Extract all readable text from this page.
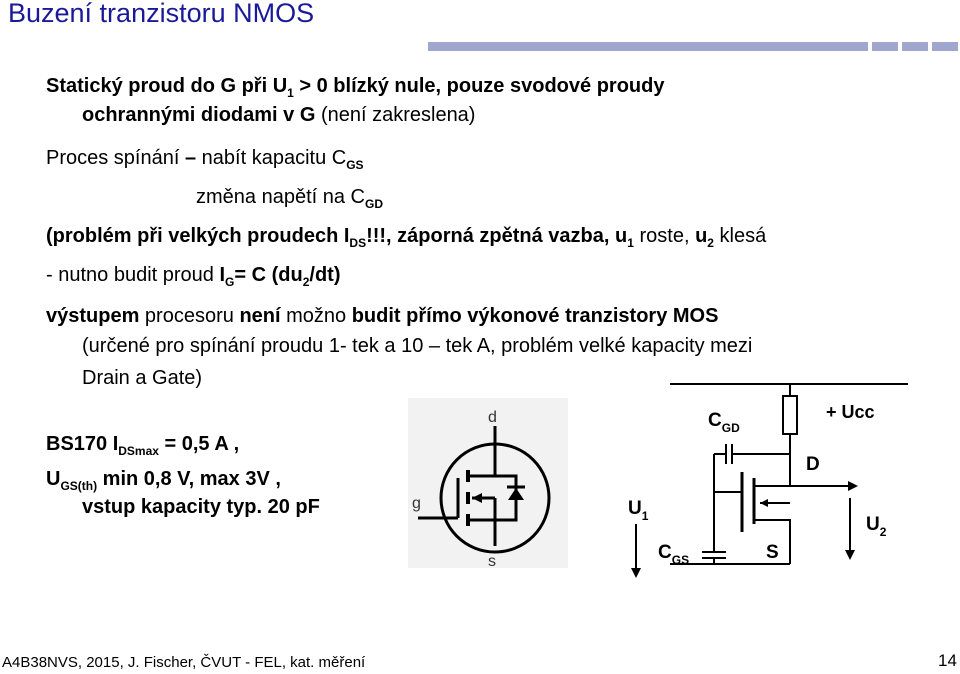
Buzení tranzistoru NMOS
Statický proud do G při $U_1 > 0$ blízký nule, pouze svodové proudy
ochrannými diodami v G (není zakreslena)
Proces spínání – nabít kapacitu $C_{GS}$
změna napětí na $C_{GD}$
(problém při velkých proudech $I_{DS}$!!!, záporná zpětná vazba, $u_1$ roste, $u_2$ klesá
- nutno budit proud $I_G= C$ $(du_2/dt)$
výstupem procesoru není možno budit přímo výkonové tranzistory MOS
(určené pro spínání proudu 1- tek a 10 – tek A, problém velké kapacity mezi
Drain a Gate)
BS170 $I_{DSmax} = 0,5$ A ,
$U_{GS(th)}$ min 0,8 V, max 3V ,
vstup kapacity typ. 20 pF
d
g
s
$C_{GD}$
+ Ucc
D
$U_1$	$U_2$
$C_{GS}$	S
A4B38NVS, 2015, J. Fischer, ČVUT - FEL, kat. měření	14
